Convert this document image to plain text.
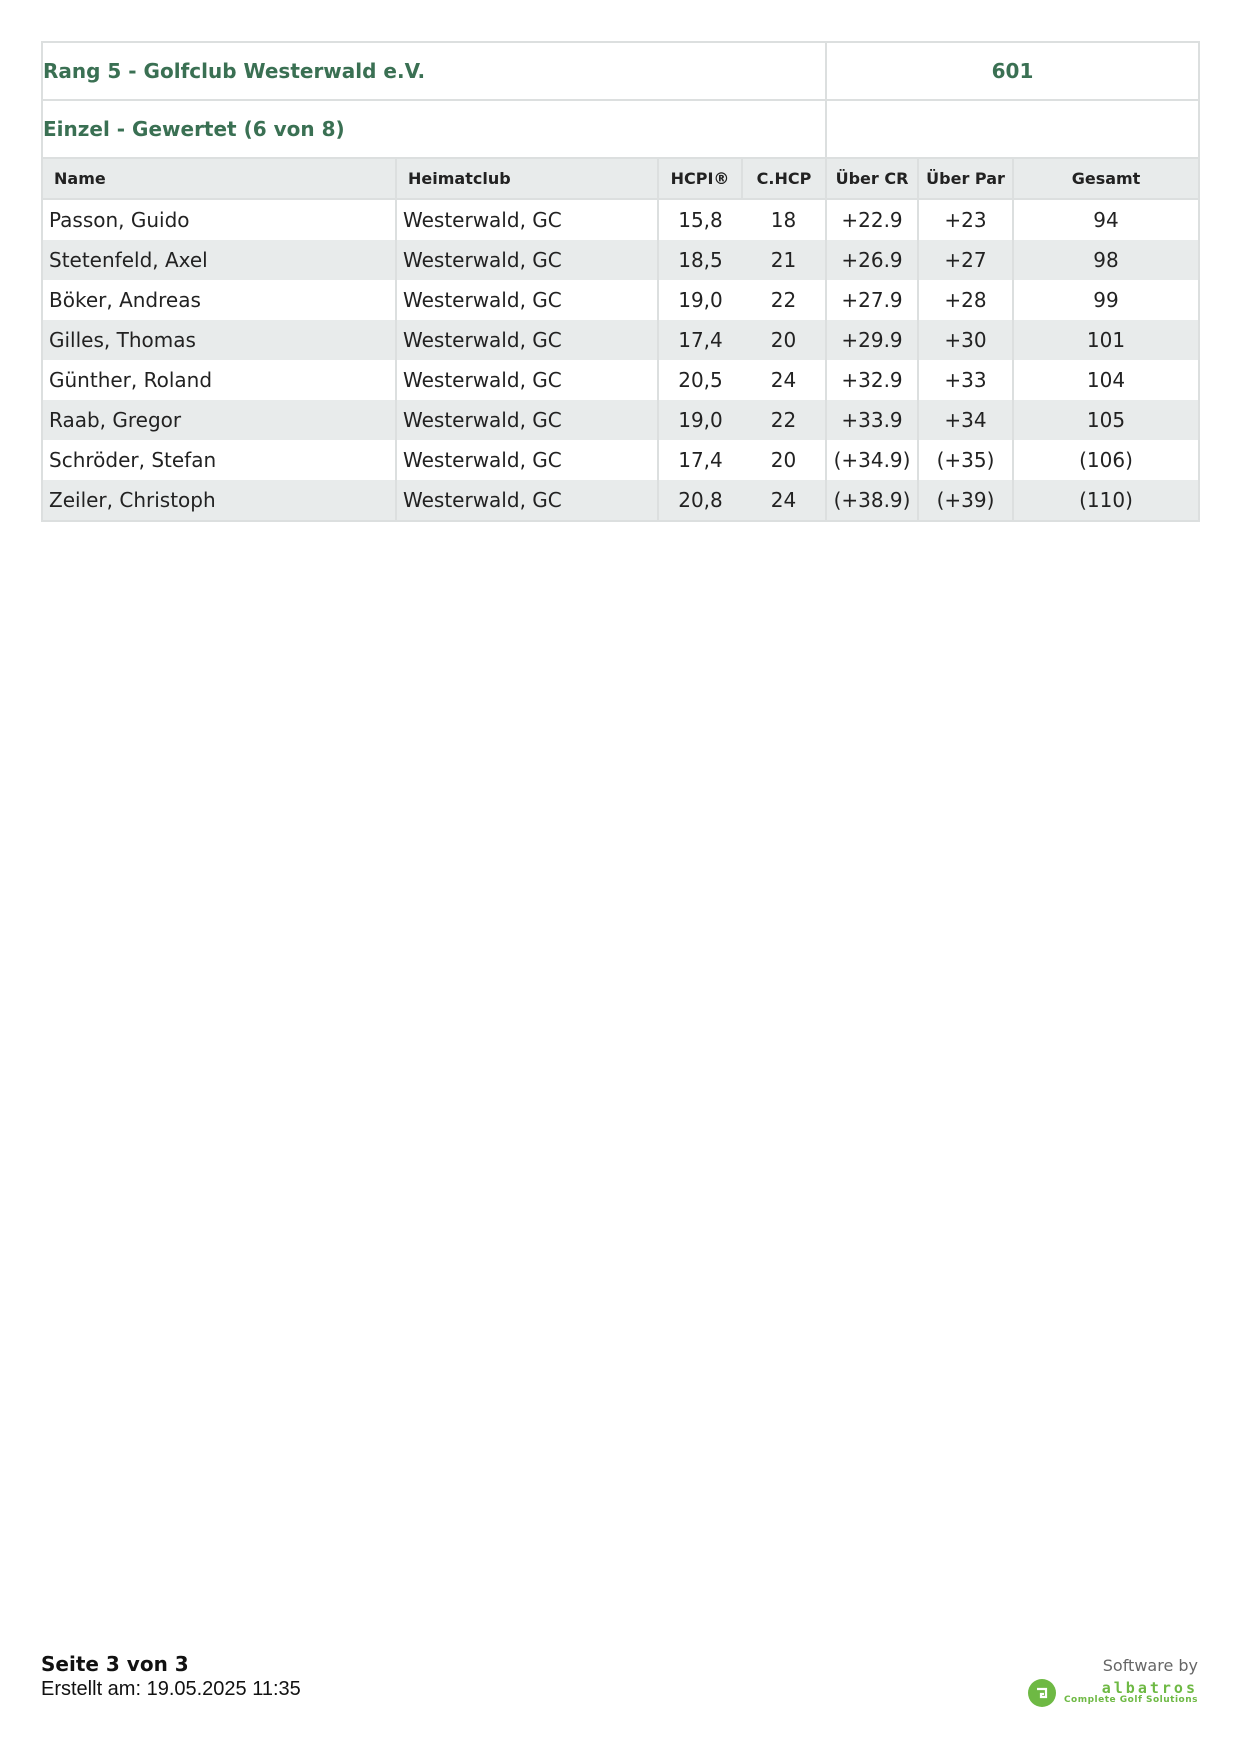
Rang 5 - Golfclub Westerwald e.V.				601		
Einzel - Gewertet (6 von 8)						
Name	Heimatclub	HCPI®	C.HCP	Über CR	Über Par	Gesamt
Passon, Guido	Westerwald, GC	15,8	18	+22.9	+23	94
Stetenfeld, Axel	Westerwald, GC	18,5	21	+26.9	+27	98
Böker, Andreas	Westerwald, GC	19,0	22	+27.9	+28	99
Gilles, Thomas	Westerwald, GC	17,4	20	+29.9	+30	101
Günther, Roland	Westerwald, GC	20,5	24	+32.9	+33	104
Raab, Gregor	Westerwald, GC	19,0	22	+33.9	+34	105
Schröder, Stefan	Westerwald, GC	17,4	20	(+34.9)	(+35)	(106)
Zeiler, Christoph	Westerwald, GC	20,8	24	(+38.9)	(+39)	(110)
Seite 3 von 3
Erstellt am: 19.05.2025 11:35
Software by
albatros
Complete Golf Solutions
